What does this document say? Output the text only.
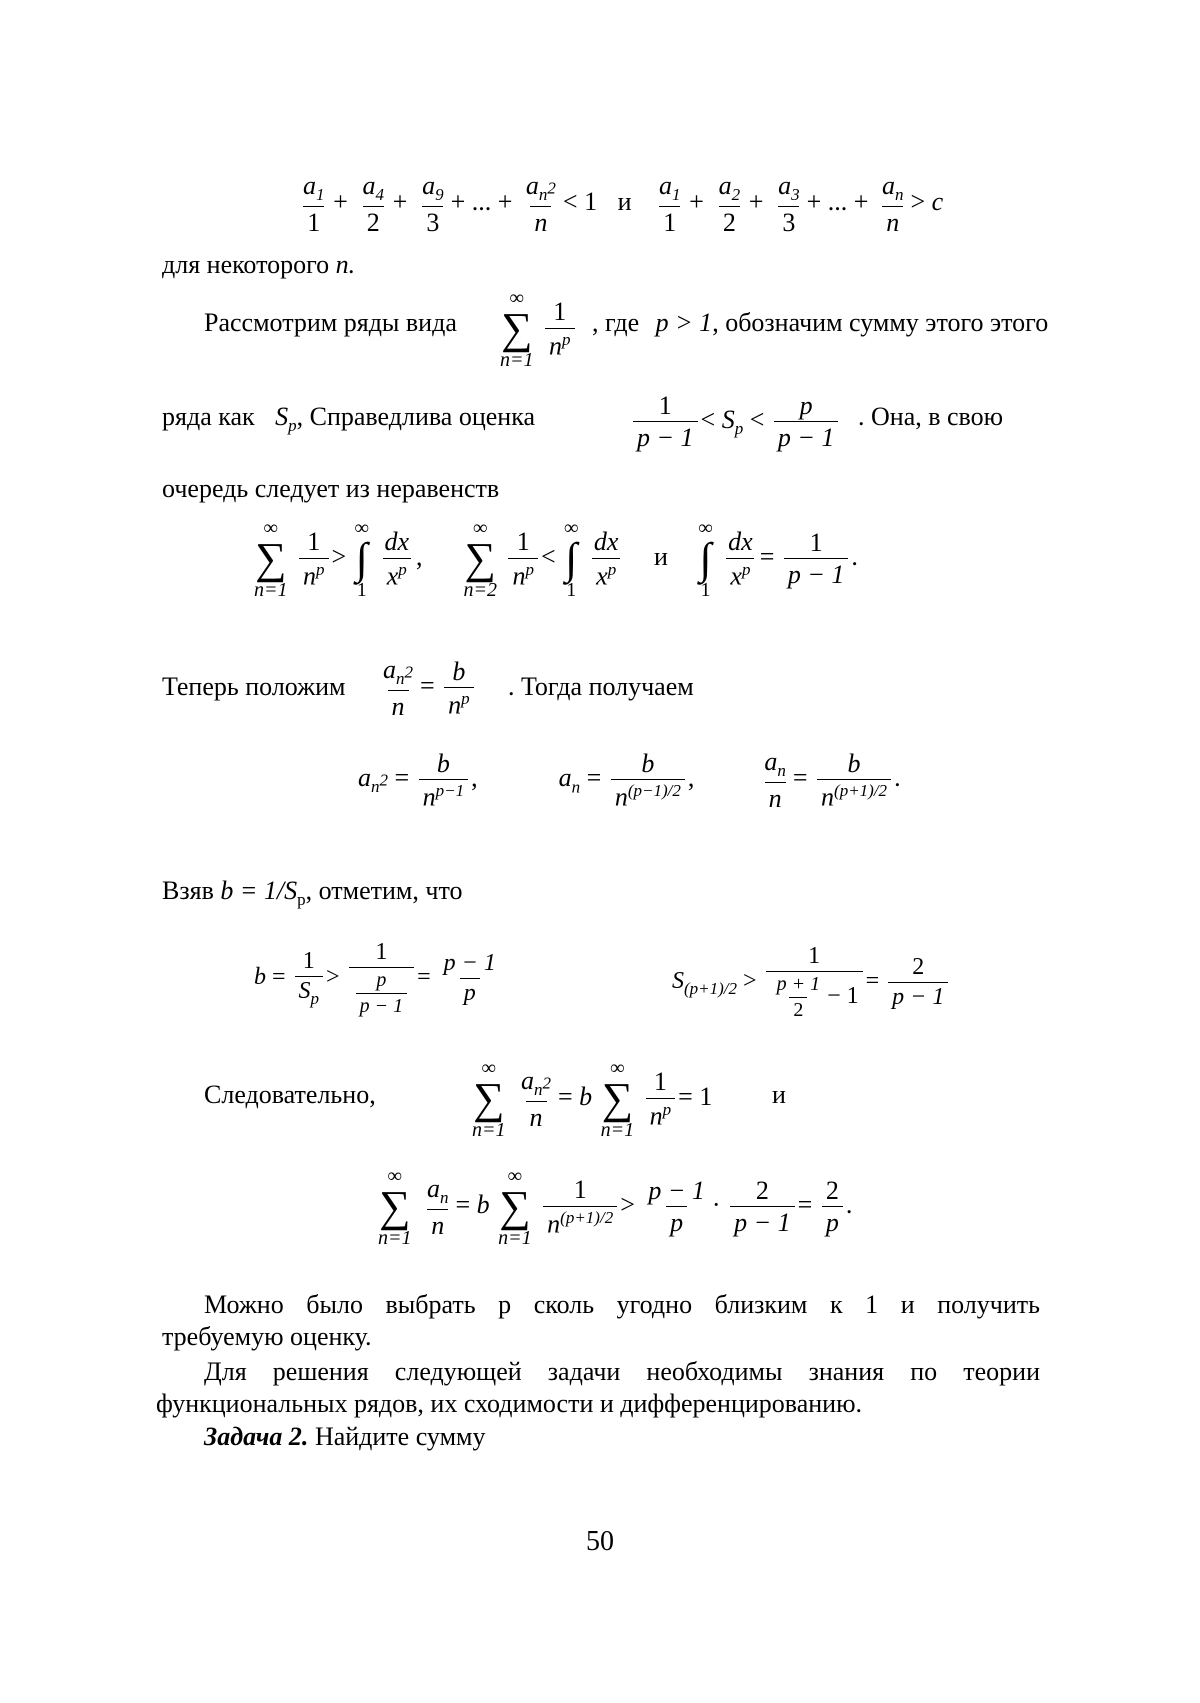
$\frac{a_1}{1} + \frac{a_4}{2} + \frac{a_9}{3}$ + ... + $\frac{a_{n^2}}{n} < 1$ и $\frac{a_1}{1} + \frac{a_2}{2} + \frac{a_3}{3}$ + ... + $\frac{a_n}{n} > c$
для некоторого n.
Рассмотрим ряды вида
∞
∑
n=1

$\frac{1}{n^p}$ , где p > 1, обозначим сумму этого этого
ряда как $S_p$, Справедлива оценка	$\frac{1}{p - 1} < S_p < \frac{p}{p - 1}$ . Она, в свою
очередь следует из неравенств
∞
∑
n=1

$\frac{1}{n^p}$ >
∞
∫
1

$\frac{dx}{x^p}$ ,
∞
∑
n=2

$\frac{1}{n^p}$ <
∞
∫
1

$\frac{dx}{x^p}$ и
∞
∫
1

$\frac{dx}{x^p} = \frac{1}{p - 1}$ .
Теперь положим $\frac{a_{n^2}}{n} = \frac{b}{n^p}$ . Тогда получаем
$a_{n^2} = \frac{b}{n^{p-1}}$ ,	$a_n = \frac{b}{n^{(p-1)/2}}$ ,	$\frac{a_n}{n} = \frac{b}{n^{(p+1)/2}}$ .
Взяв $b = 1/S_p$, отметим, что
$b = \frac{1}{S_p} > \frac{1}{\frac{p}{p - 1}} = \frac{p - 1}{p}$	$S_{(p+1)/2} > \frac{1}{\frac{p + 1}{2} - 1} = \frac{2}{p - 1}$
Следовательно,
∞
∑
n=1
$\frac{a_{n^2}}{n} = b$
∞
∑
n=1

$\frac{1}{n^p} = 1$ и
∞
∑
n=1
$\frac{a_n}{n} = b$
∞
∑
n=1

$\frac{1}{n^{(p+1)/2}} > \frac{p - 1}{p} \cdot \frac{2}{p - 1} = \frac{2}{p}$ .
Можно было выбрать p сколь угодно близким к 1 и получить
требуемую оценку.
Для решения следующей задачи необходимы знания по теории
функциональных рядов, их сходимости и дифференцированию.
Задача 2. Найдите сумму
50
